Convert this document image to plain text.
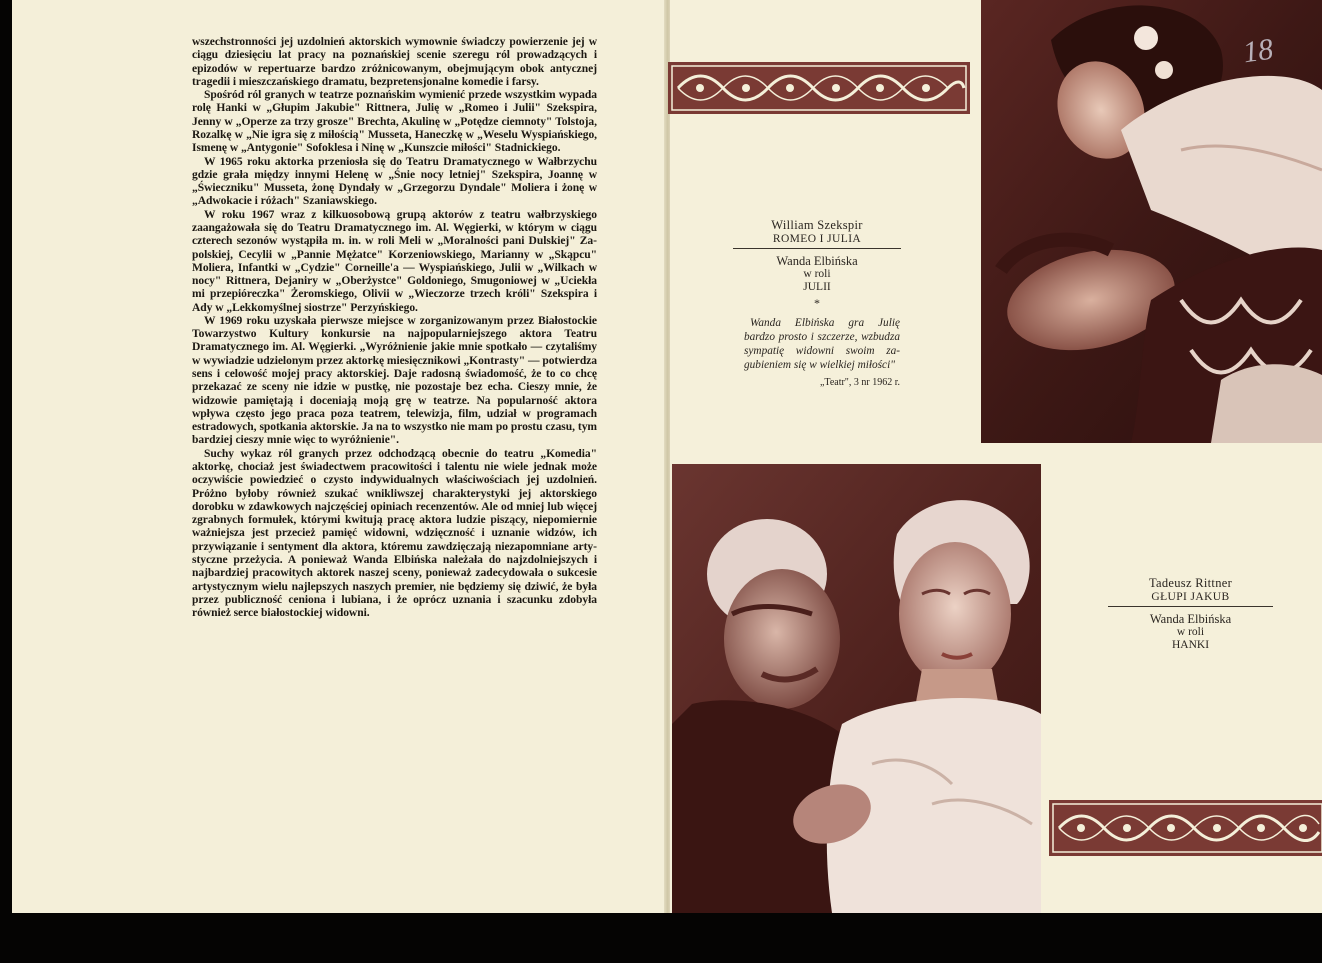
wszechstronności jej uzdolnień aktorskich wymownie świadczy powierzenie jej w ciągu dziesięciu lat pracy na poznańskiej scenie szeregu ról prowadzących i epizodów w repertuarze bardzo zróżnicowanym, obejmującym obok antycznej tragedii i mieszczańskiego dramatu, bezpretensjonalne komedie i farsy.

Spośród ról granych w teatrze poznańskim wymienić przede wszystkim wypada rolę Hanki w „Głupim Jakubie" Rittnera, Julię w „Romeo i Julii" Szekspira, Jenny w „Operze za trzy grosze" Brechta, Akulinę w „Potędze ciemnoty" Tolstoja, Rozalkę w „Nie igra się z miłością" Musseta, Haneczkę w „Weselu Wyspiańskiego, Ismenę w „Antygonie" Sofoklesa i Ninę w „Kunszcie miłości" Stadnickiego.

W 1965 roku aktorka przeniosła się do Teatru Dramatycznego w Wałbrzychu gdzie grała między innymi Helenę w „Śnie nocy letniej" Szekspira, Joannę w „Świeczniku" Musseta, żonę Dyndały w „Grzegorzu Dyndale" Moliera i żonę w „Adwokacie i różach" Szaniawskiego.

W roku 1967 wraz z kilkuosobową grupą aktorów z teatru wałbrzyskiego zaangażowała się do Teatru Dramatycznego im. Al. Węgierki, w którym w ciągu czterech sezonów wystąpiła m. in. w roli Meli w „Moralności pani Dulskiej" Zapolskiej, Cecylii w „Pannie Mężatce" Korzeniowskiego, Marianny w „Skąpcu" Moliera, Infantki w „Cydzie" Corneille'a — Wyspiańskiego, Julii w „Wilkach w nocy" Rittnera, Dejaniry w „Oberżystce" Goldoniego, Smugoniowej w „Uciekła mi przepióreczka" Żeromskiego, Olivii w „Wieczorze trzech króli" Szekspira i Ady w „Lekkomyślnej siostrze" Perzyńskiego.

W 1969 roku uzyskała pierwsze miejsce w zorganizowanym przez Białostockie Towarzystwo Kultury konkursie na najpopularniejszego aktora Teatru Dramatycznego im. Al. Węgierki. „Wyróżnienie jakie mnie spotkało — czytaliśmy w wywiadzie udzielonym przez aktorkę miesięcznikowi „Kontrasty" — potwierdza sens i celowość mojej pracy aktorskiej. Daje radosną świadomość, że to co chcę przekazać ze sceny nie idzie w pustkę, nie pozostaje bez echa. Cieszy mnie, że widzowie pamiętają i doceniają moją grę w teatrze. Na popularność aktora wpływa często jego praca poza teatrem, telewizja, film, udział w programach estradowych, spotkania aktorskie. Ja na to wszystko nie mam po prostu czasu, tym bardziej cieszy mnie więc to wyróżnienie".

Suchy wykaz ról granych przez odchodzącą obecnie do teatru „Komedia" aktorkę, chociaż jest świadectwem pracowitości i talentu nie wiele jednak może oczywiście powiedzieć o czysto indywidualnych właściwościach jej uzdolnień. Próżno byłoby również szukać wnikliwszej charakterystyki jej aktorskiego dorobku w zdawkowych najczęściej opiniach recenzentów. Ale od mniej lub więcej zgrabnych formułek, którymi kwitują pracę aktora ludzie piszący, niepomiernie ważniejsza jest przecież pamięć widowni, wdzięczność i uznanie widzów, ich przywiązanie i sentyment dla aktora, któremu zawdzięczają niezapomniane artystyczne przeżycia. A ponieważ Wanda Elbińska należała do najzdolniejszych i najbardziej pracowitych aktorek naszej sceny, ponieważ zadecydowała o sukcesie artystycznym wielu najlepszych naszych premier, nie będziemy się dziwić, że była przez publiczność ceniona i lubiana, i że oprócz uznania i szacunku zdobyła również serce białostockiej widowni.

18
William Szekspir
ROMEO I JULIA
Wanda Elbińska
w roli
JULII
*
Wanda Elbińska gra Julię bardzo prosto i szczerze, wzbudza sympatię widowni swoim zagubieniem się w wielkiej miłości"
„Teatr", 3 nr 1962 r.
Tadeusz Rittner
GŁUPI JAKUB
Wanda Elbińska
w roli
HANKI
